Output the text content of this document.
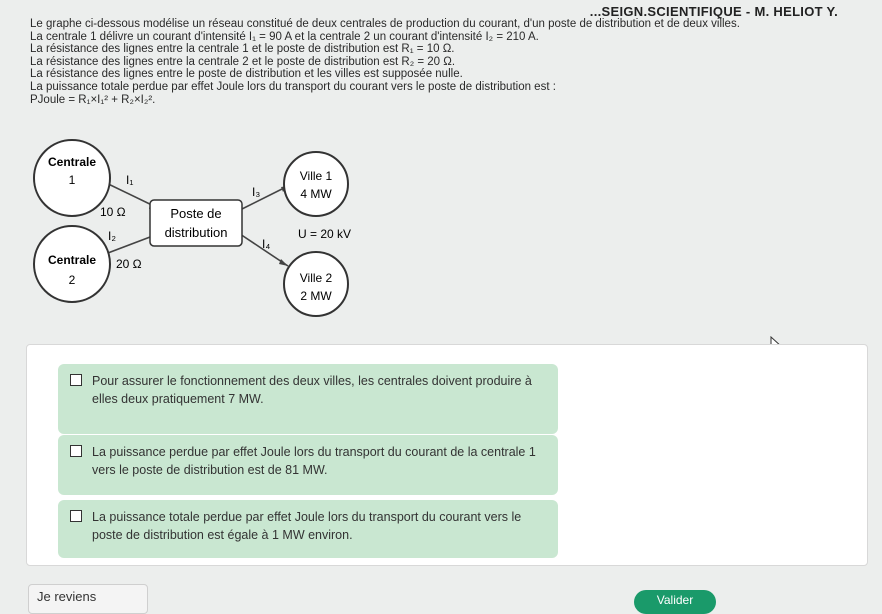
...SEIGN.SCIENTIFIQUE - M. HELIOT Y.
Le graphe ci-dessous modélise un réseau constitué de deux centrales de production du courant, d'un poste de distribution et de deux villes.
La centrale 1 délivre un courant d'intensité I₁ = 90 A et la centrale 2 un courant d'intensité I₂ = 210 A.
La résistance des lignes entre la centrale 1 et le poste de distribution est R₁ = 10 Ω.
La résistance des lignes entre la centrale 2 et le poste de distribution est R₂ = 20 Ω.
La résistance des lignes entre le poste de distribution et les villes est supposée nulle.
La puissance totale perdue par effet Joule lors du transport du courant vers le poste de distribution est :
PJoule = R₁×I₁² + R₂×I₂².
Centrale
1
Centrale
2
Poste de
distribution
Ville 1
4 MW
Ville 2
2 MW
I₁
I₂
I₃
I₄
10 Ω
20 Ω
U = 20 kV
Pour assurer le fonctionnement des deux villes, les centrales doivent produire à elles deux pratiquement 7 MW.
La puissance perdue par effet Joule lors du transport du courant de la centrale 1 vers le poste de distribution est de 81 MW.
La puissance totale perdue par effet Joule lors du transport du courant vers le poste de distribution est égale à 1 MW environ.
Je reviens	Valider
